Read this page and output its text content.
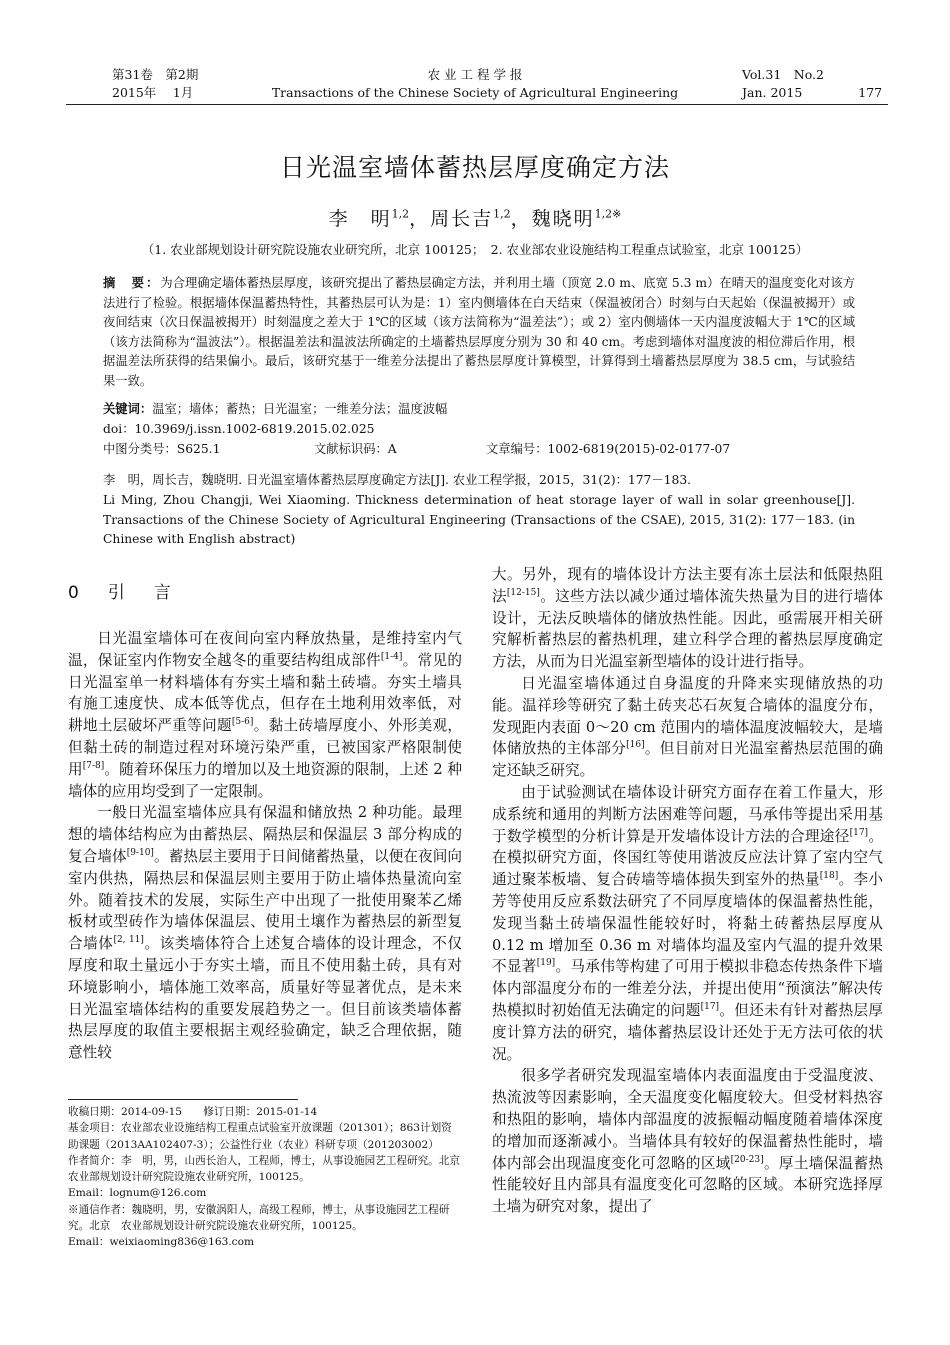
第31卷　第2期
2015年　 1月
农 业 工 程 学 报
Transactions of the Chinese Society of Agricultural Engineering
Vol.31　No.2
Jan. 2015	177
日光温室墙体蓄热层厚度确定方法
李　明$^{1,2}$，周长吉$^{1,2}$，魏晓明$^{1,2※}$
（1. 农业部规划设计研究院设施农业研究所，北京 100125；　2. 农业部农业设施结构工程重点试验室，北京 100125）
摘　要：为合理确定墙体蓄热层厚度，该研究提出了蓄热层确定方法，并利用土墙（顶宽 2.0 m、底宽 5.3 m）在晴天的温度变化对该方法进行了检验。根据墙体保温蓄热特性，其蓄热层可认为是：1）室内侧墙体在白天结束（保温被闭合）时刻与白天起始（保温被揭开）或夜间结束（次日保温被揭开）时刻温度之差大于 1℃的区域（该方法简称为“温差法”）；或 2）室内侧墙体一天内温度波幅大于 1℃的区域（该方法简称为“温波法”）。根据温差法和温波法所确定的土墙蓄热层厚度分别为 30 和 40 cm。考虑到墙体对温度波的相位滞后作用，根据温差法所获得的结果偏小。最后，该研究基于一维差分法提出了蓄热层厚度计算模型，计算得到土墙蓄热层厚度为 38.5 cm，与试验结果一致。
关键词：温室；墙体；蓄热；日光温室；一维差分法；温度波幅
doi：10.3969/j.issn.1002-6819.2015.02.025
中图分类号：S625.1	文献标识码：A	文章编号：1002-6819(2015)-02-0177-07
李　明，周长吉，魏晓明. 日光温室墙体蓄热层厚度确定方法[J]. 农业工程学报，2015，31(2)：177－183.
Li Ming, Zhou Changji, Wei Xiaoming. Thickness determination of heat storage layer of wall in solar greenhouse[J]. Transactions of the Chinese Society of Agricultural Engineering (Transactions of the CSAE), 2015, 31(2): 177－183. (in Chinese with English abstract)
0　引　言

日光温室墙体可在夜间向室内释放热量，是维持室内气温，保证室内作物安全越冬的重要结构组成部件[1-4]。常见的日光温室单一材料墙体有夯实土墙和黏土砖墙。夯实土墙具有施工速度快、成本低等优点，但存在土地利用效率低，对耕地土层破坏严重等问题[5-6]。黏土砖墙厚度小、外形美观，但黏土砖的制造过程对环境污染严重，已被国家严格限制使用[7-8]。随着环保压力的增加以及土地资源的限制，上述 2 种墙体的应用均受到了一定限制。

一般日光温室墙体应具有保温和储放热 2 种功能。最理想的墙体结构应为由蓄热层、隔热层和保温层 3 部分构成的复合墙体[9-10]。蓄热层主要用于日间储蓄热量，以便在夜间向室内供热，隔热层和保温层则主要用于防止墙体热量流向室外。随着技术的发展，实际生产中出现了一批使用聚苯乙烯板材或型砖作为墙体保温层、使用土壤作为蓄热层的新型复合墙体[2, 11]。该类墙体符合上述复合墙体的设计理念，不仅厚度和取土量远小于夯实土墙，而且不使用黏土砖，具有对环境影响小，墙体施工效率高，质量好等显著优点，是未来日光温室墙体结构的重要发展趋势之一。但目前该类墙体蓄热层厚度的取值主要根据主观经验确定，缺乏合理依据，随意性较

大。另外，现有的墙体设计方法主要有冻土层法和低限热阻法[12-15]。这些方法以减少通过墙体流失热量为目的进行墙体设计，无法反映墙体的储放热性能。因此，亟需展开相关研究解析蓄热层的蓄热机理，建立科学合理的蓄热层厚度确定方法，从而为日光温室新型墙体的设计进行指导。

日光温室墙体通过自身温度的升降来实现储放热的功能。温祥珍等研究了黏土砖夹芯石灰复合墙体的温度分布，发现距内表面 0～20 cm 范围内的墙体温度波幅较大，是墙体储放热的主体部分[16]。但目前对日光温室蓄热层范围的确定还缺乏研究。

由于试验测试在墙体设计研究方面存在着工作量大，形成系统和通用的判断方法困难等问题，马承伟等提出采用基于数学模型的分析计算是开发墙体设计方法的合理途径[17]。在模拟研究方面，佟国红等使用谐波反应法计算了室内空气通过聚苯板墙、复合砖墙等墙体损失到室外的热量[18]。李小芳等使用反应系数法研究了不同厚度墙体的保温蓄热性能，发现当黏土砖墙保温性能较好时，将黏土砖蓄热层厚度从 0.12 m 增加至 0.36 m 对墙体均温及室内气温的提升效果不显著[19]。马承伟等构建了可用于模拟非稳态传热条件下墙体内部温度分布的一维差分法，并提出使用“预演法”解决传热模拟时初始值无法确定的问题[17]。但还未有针对蓄热层厚度计算方法的研究，墙体蓄热层设计还处于无方法可依的状况。

很多学者研究发现温室墙体内表面温度由于受温度波、热流波等因素影响，全天温度变化幅度较大。但受材料热容和热阻的影响，墙体内部温度的波振幅动幅度随着墙体深度的增加而逐渐减小。当墙体具有较好的保温蓄热性能时，墙体内部会出现温度变化可忽略的区域[20-23]。厚土墙保温蓄热性能较好且内部具有温度变化可忽略的区域。本研究选择厚土墙为研究对象，提出了

收稿日期：2014-09-15　　修订日期：2015-01-14
基金项目：农业部农业设施结构工程重点试验室开放课题（201301）；863计划资助课题（2013AA102407-3）；公益性行业（农业）科研专项（201203002）
作者简介：李　明，男，山西长治人，工程师，博士，从事设施园艺工程研究。北京　农业部规划设计研究院设施农业研究所，100125。
Email：lognum@126.com
※通信作者：魏晓明，男，安徽涡阳人，高级工程师，博士，从事设施园艺工程研究。北京　农业部规划设计研究院设施农业研究所，100125。
Email：weixiaoming836@163.com
